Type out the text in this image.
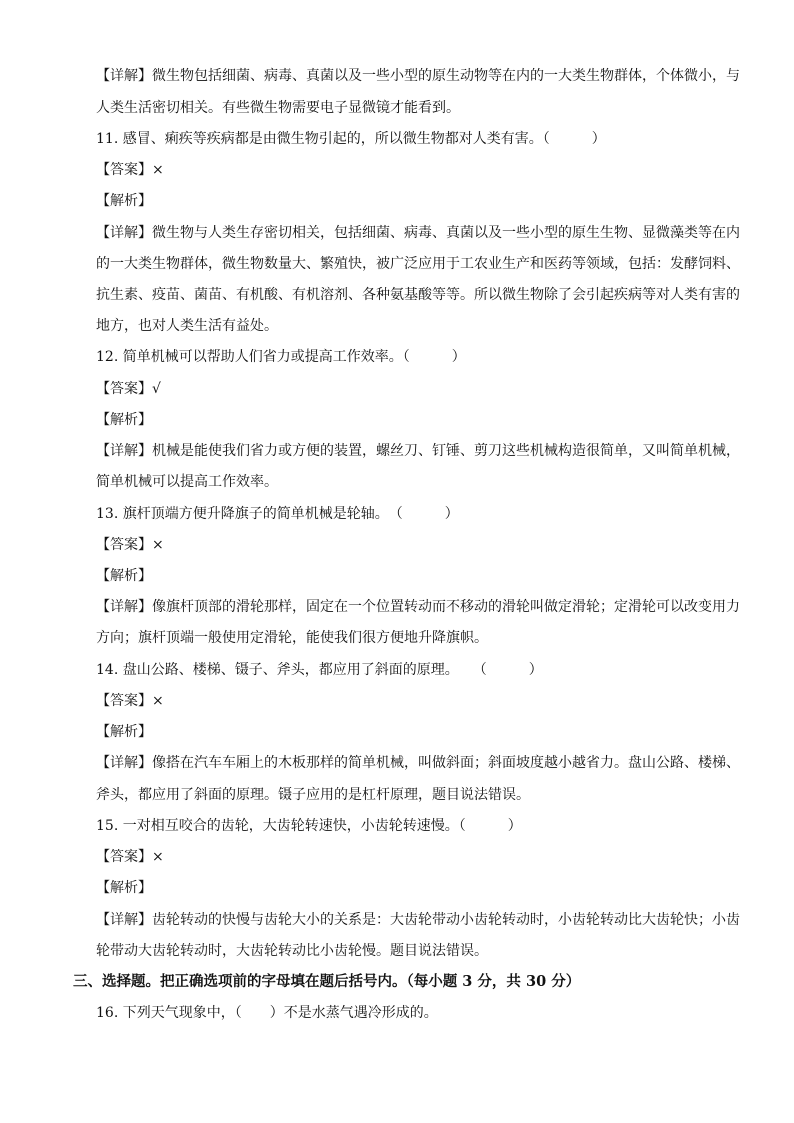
【详解】微生物包括细菌、病毒、真菌以及一些小型的原生动物等在内的一大类生物群体，个体微小，与
人类生活密切相关。有些微生物需要电子显微镜才能看到。
11. 感冒、痢疾等疾病都是由微生物引起的，所以微生物都对人类有害。（　　　）
【答案】×
【解析】
【详解】微生物与人类生存密切相关，包括细菌、病毒、真菌以及一些小型的原生生物、显微藻类等在内
的一大类生物群体，微生物数量大、繁殖快，被广泛应用于工农业生产和医药等领域，包括：发酵饲料、
抗生素、疫苗、菌苗、有机酸、有机溶剂、各种氨基酸等等。所以微生物除了会引起疾病等对人类有害的
地方，也对人类生活有益处。
12. 简单机械可以帮助人们省力或提高工作效率。（　　　）
【答案】√
【解析】
【详解】机械是能使我们省力或方便的装置，螺丝刀、钉锤、剪刀这些机械构造很简单，又叫简单机械，
简单机械可以提高工作效率。
13. 旗杆顶端方便升降旗子的简单机械是轮轴。　（　　　）
【答案】×
【解析】
【详解】像旗杆顶部的滑轮那样，固定在一个位置转动而不移动的滑轮叫做定滑轮；定滑轮可以改变用力
方向；旗杆顶端一般使用定滑轮，能使我们很方便地升降旗帜。
14. 盘山公路、楼梯、镊子、斧头，都应用了斜面的原理。　　（　　　）
【答案】×
【解析】
【详解】像搭在汽车车厢上的木板那样的简单机械，叫做斜面；斜面坡度越小越省力。盘山公路、楼梯、
斧头，都应用了斜面的原理。镊子应用的是杠杆原理，题目说法错误。
15. 一对相互咬合的齿轮，大齿轮转速快，小齿轮转速慢。（　　　）
【答案】×
【解析】
【详解】齿轮转动的快慢与齿轮大小的关系是：大齿轮带动小齿轮转动时，小齿轮转动比大齿轮快；小齿
轮带动大齿轮转动时，大齿轮转动比小齿轮慢。题目说法错误。
三、选择题。把正确选项前的字母填在题后括号内。（每小题 3 分，共 30 分）
16. 下列天气现象中，（　　）不是水蒸气遇冷形成的。
